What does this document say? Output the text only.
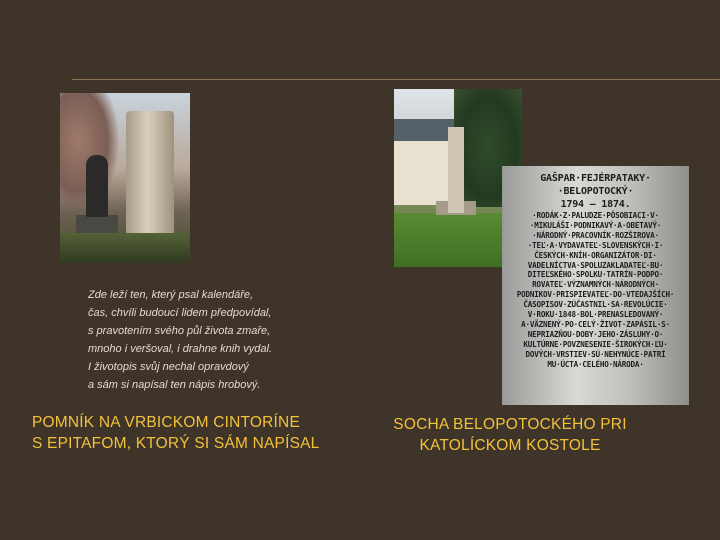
GAŠPAR·FEJÉRPATAKY·
·BELOPOTOCKÝ·
1794 – 1874.
·RODÁK·Z·PALUDZE·PÔSOBIACI·V·
·MIKULÁŠI·PODNIKAVÝ·A·OBETAVÝ·
·NÁRODNÝ·PRACOVNÍK·ROZŠIROVA·
·TEĽ·A·VYDAVATEĽ·SLOVENSKÝCH·I·
ČESKÝCH·KNÍH·ORGANIZÁTOR·DI·
VADELNÍCTVA·SPOLUZAKLADATEĽ·BU·
DITEĽSKÉHO·SPOLKU·TATRÍN·PODPO·
ROVATEĽ·VÝZNAMNÝCH·NÁRODNÝCH·
PODNIKOV·PRISPIEVATEĽ·DO·VTEDAJŠÍCH·
ČASOPISOV·ZÚČASTNIL·SA·REVOLÚCIE·
V·ROKU·1848·BOL·PRENASLEDOVANÝ·
A·VÄZNENÝ·PO·CELÝ·ŽIVOT·ZAPÁSIL·S·
NEPRIAZŇOU·DOBY·JEHO·ZÁSLUHY·O·
KULTÚRNE·POVZNESENIE·ŠIROKÝCH·ĽU·
DOVÝCH·VRSTIEV·SÚ·NEHYNÚCE·PATRÍ
MU·ÚCTA·CELÉHO·NÁRODA·
Zde leží ten, který psal kalendáře,
čas, chvíli budoucí lidem předpovídal,
s pravotením svého půl života zmaře,
mnoho i veršoval, i drahne knih vydal.
I životopis svůj nechal opravdový
a sám si napísal ten nápis hrobový.
POMNÍK NA VRBICKOM CINTORÍNE
S EPITAFOM, KTORÝ SI SÁM NAPÍSAL
SOCHA BELOPOTOCKÉHO PRI
KATOLÍCKOM KOSTOLE
